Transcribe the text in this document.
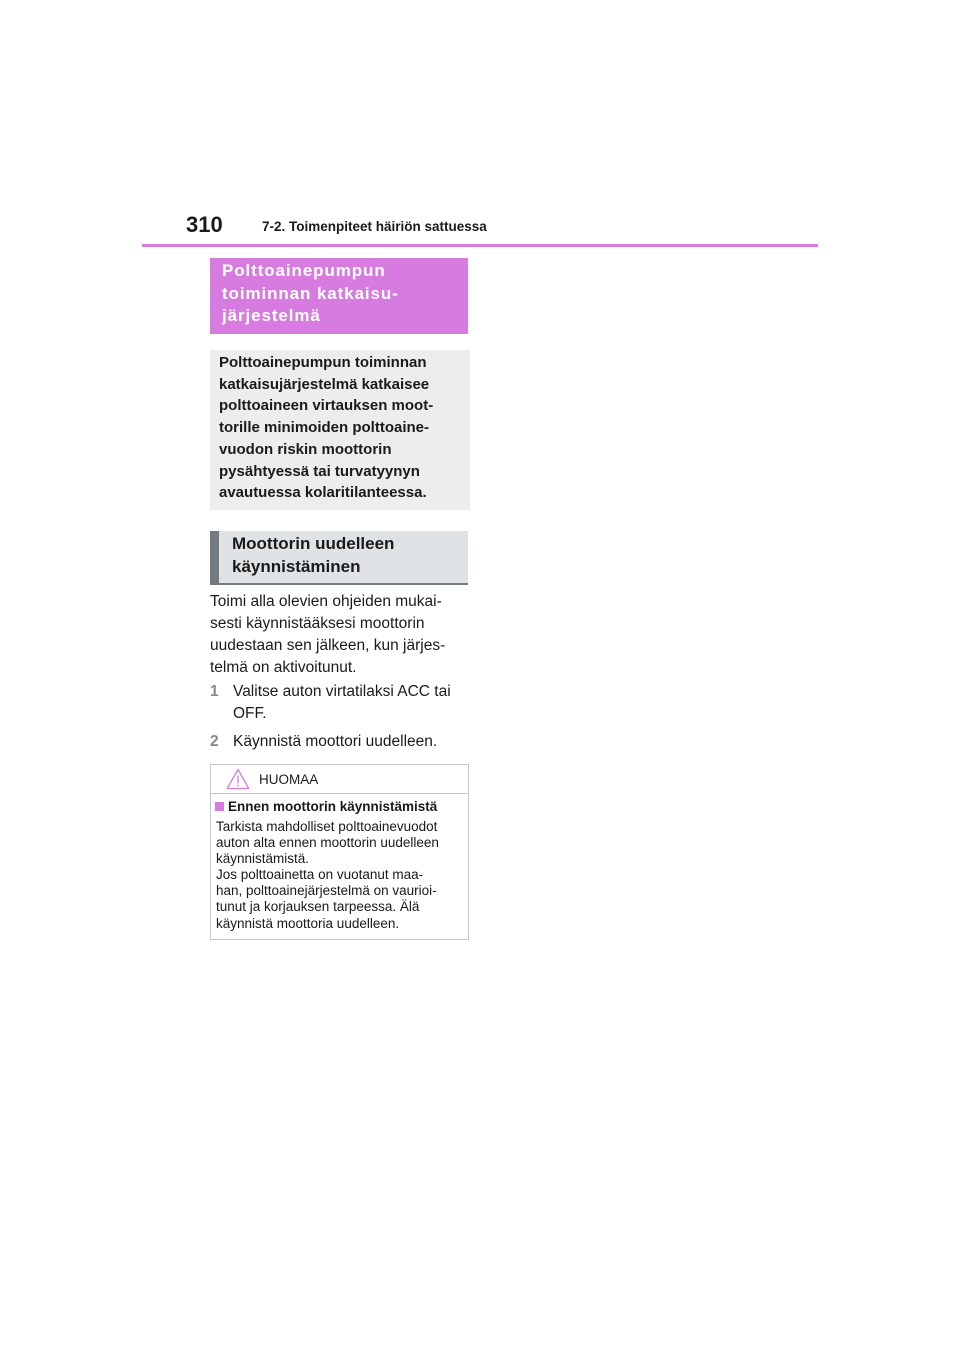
310	7-2. Toimenpiteet häiriön sattuessa
Polttoainepumpun
toiminnan katkaisu-
järjestelmä
Polttoainepumpun toiminnan
katkaisujärjestelmä katkaisee
polttoaineen virtauksen moot-
torille minimoiden polttoaine-
vuodon riskin moottorin
pysähtyessä tai turvatyynyn
avautuessa kolaritilanteessa.
Moottorin uudelleen
käynnistäminen
Toimi alla olevien ohjeiden mukai-
sesti käynnistääksesi moottorin
uudestaan sen jälkeen, kun järjes-
telmä on aktivoitunut.
1 Valitse auton virtatilaksi ACC tai
OFF.
2 Käynnistä moottori uudelleen.
HUOMAA
Ennen moottorin käynnistämistä
Tarkista mahdolliset polttoainevuodot
auton alta ennen moottorin uudelleen
käynnistämistä.
Jos polttoainetta on vuotanut maa-
han, polttoainejärjestelmä on vaurioi-
tunut ja korjauksen tarpeessa. Älä
käynnistä moottoria uudelleen.
